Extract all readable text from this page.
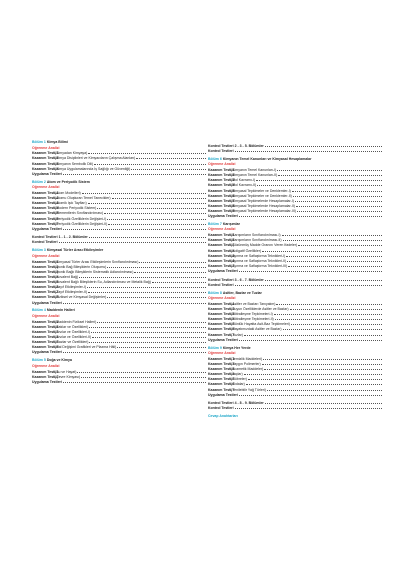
Bölüm 1 Kimya Bilimi
Öğrenme Analizi
Kazanım Testi-1
(Simyadan Kimyaya)
Kazanım Testi-2
(Kimya Disiplinleri ve Kimyacıların Çalışma Alanları)
Kazanım Testi-3
(Kimyanın Sembolik Dili)
Kazanım Testi-4
(Kimya Uygulamalarında İş Sağlığı ve Güvenliği)
Uygulama Testleri
Bölüm 2 Atom ve Periyodik Sistem
Öğrenme Analizi
Kazanım Testi-1
(Atom Modelleri)
Kazanım Testi-2
(Atomu Oluşturan Temel Tanecikler)
Kazanım Testi-3
(Atomik Işık Tayfları)
Kazanım Testi-4
(Modern Periyodik Sistem)
Kazanım Testi-5
(Elementlerin Sınıflandırılması)
Kazanım Testi-6
(Periyodik Özelliklerin Değişimi-I)
Kazanım Testi-7
(Periyodik Özelliklerin Değişimi-II)
Uygulama Testleri
Kontrol Testleri 1 - 1 - 2. Bölümler
Kontrol Testleri
Bölüm 3 Kimyasal Türler Arası Etkileşimler
Öğrenme Analizi
Kazanım Testi-1
(Kimyasal Türler Arası Etkileşimlerin Sınıflandırılması)
Kazanım Testi-2
(İyonik Bağ Bileşiklerin Oluşumu)
Kazanım Testi-3
(İyonik Bağlı Bileşiklerin Sistematik Adlandırılması)
Kazanım Testi-4
(Kovalent Bağ)
Kazanım Testi-5
(Kovalent Bağlı Bileşiklerin Su, Adlandırılması ve Metalik Bağ)
Kazanım Testi-6
(Zayıf Etkileşimler-I)
Kazanım Testi-7
(Zayıf Etkileşimler-II)
Kazanım Testi-8
(Fiziksel ve Kimyasal Değişimler)
Uygulama Testleri
Bölüm 4 Maddenin Halleri
Öğrenme Analizi
Kazanım Testi-1
(Maddenin Fiziksel Halleri)
Kazanım Testi-2
(Katılar ve Özellikleri)
Kazanım Testi-3
(Sıvılar ve Özellikleri-I)
Kazanım Testi-4
(Sıvılar ve Özellikleri-II)
Kazanım Testi-5
(Gazlar ve Özellikleri)
Kazanım Testi-6
(Hal Değişimi Grafikleri ve Plazma Hâli)
Uygulama Testleri
Bölüm 5 Doğa ve Kimya
Öğrenme Analizi
Kazanım Testi-1
(Su ve Hayat)
Kazanım Testi-2
(Çevre Kimyası)
Uygulama Testleri
Kontrol Testleri 2 - 3 - 5. Bölümler
Kontrol Testleri
Bölüm 6 Kimyanın Temel Kanunları ve Kimyasal Hesaplamalar
Öğrenme Analizi
Kazanım Testi-1
(Kimyanın Temel Kanunları-I)
Kazanım Testi-2
(Kimyanın Temel Kanunları-II)
Kazanım Testi-3
(Mol Kavramı-I)
Kazanım Testi-4
(Mol Kavramı-II)
Kazanım Testi-5
(Kimyasal Tepkimeler ve Denklemler-I)
Kazanım Testi-6
(Kimyasal Tepkimeler ve Denklemler-II)
Kazanım Testi-7
(Kimyasal Tepkimelerde Hesaplamalar-I)
Kazanım Testi-8
(Kimyasal Tepkimelerde Hesaplamalar-II)
Kazanım Testi-9
(Kimyasal Tepkimelerde Hesaplamalar-III)
Uygulama Testleri
Bölüm 7 Karışımlar
Öğrenme Analizi
Kazanım Testi-1
(Karışımların Sınıflandırılması-I)
Kazanım Testi-2
(Karışımların Sınıflandırılması-II)
Kazanım Testi-3
(Çözünmüş Madde Oranını Veren İfadeler)
Kazanım Testi-4
(Koligatif Özellikler)
Kazanım Testi-5
(Ayırma ve Saflaştırma Teknikleri-I)
Kazanım Testi-6
(Ayırma ve Saflaştırma Teknikleri-II)
Kazanım Testi-7
(Ayırma ve Saflaştırma Teknikleri-III)
Uygulama Testleri
Kontrol Testleri 3 - 6 - 7. Bölümler
Kontrol Testleri
Bölüm 8 Asitler, Bazlar ve Tuzlar
Öğrenme Analizi
Kazanım Testi-1
(Asitler ve Bazları Tanıyalım)
Kazanım Testi-2
(Suyun Özelliklerde Asitler ve Bazlar)
Kazanım Testi-3
(Nötralleşme Tepkimeleri-I)
Kazanım Testi-4
(Nötralleşme Tepkimeleri-II)
Kazanım Testi-5
(Günlük Hayatta Asit-Baz Tepkimeleri)
Kazanım Testi-6
(Hayatımızdaki Asitler ve Bazlar)
Kazanım Testi-7
(Tuzlar)
Uygulama Testleri
Bölüm 9 Kimya Her Yerde
Öğrenme Analizi
Kazanım Testi-1
(Temizlik Maddeleri)
Kazanım Testi-2
(Yaygın Polimerler)
Kazanım Testi-3
(Kozmetik Maddeler)
Kazanım Testi-4
(İlaçlar)
Kazanım Testi-5
(Gübreler)
Kazanım Testi-6
(Gıdalar)
Kazanım Testi-7
(Yenilebilir Yağ Türleri)
Uygulama Testleri
Kontrol Testleri 4 - 8 - 9. Bölümler
Kontrol Testleri
Cevap Anahtarları
